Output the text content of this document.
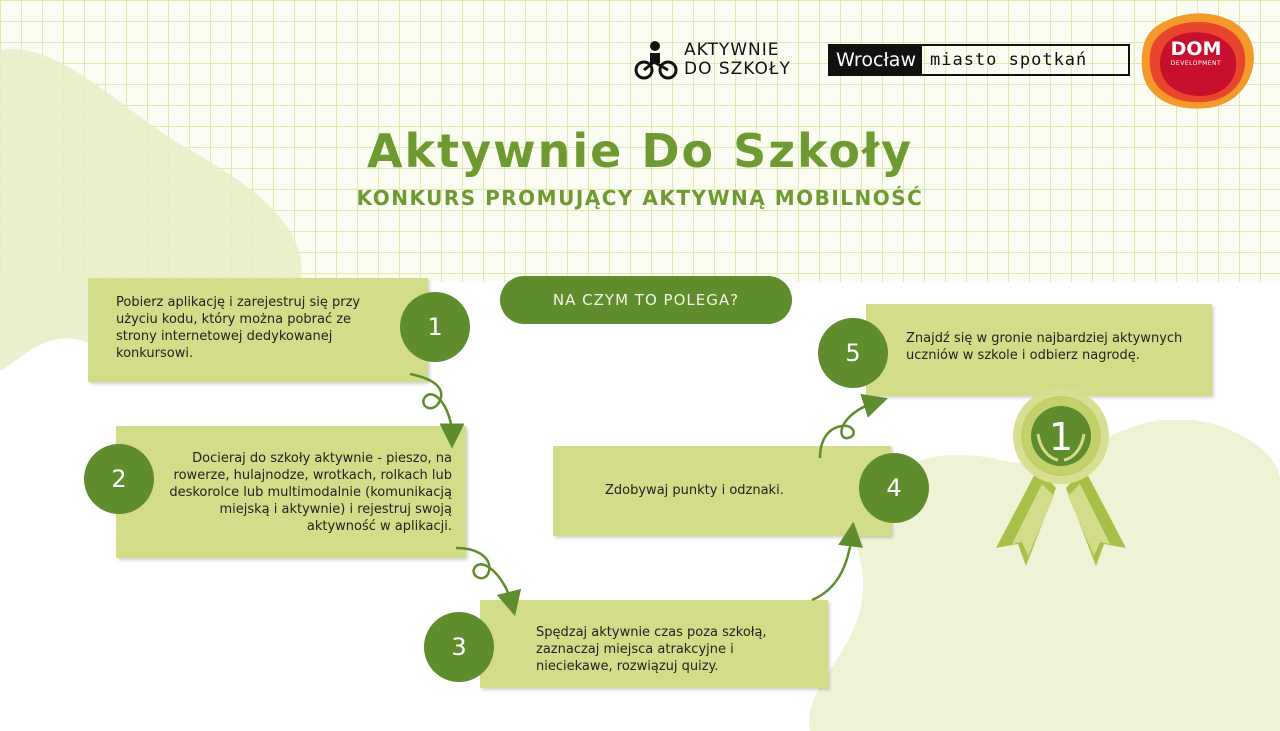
AKTYWNIE
DO SZKOŁY	Wrocław miasto spotkań	DOM
DEVELOPMENT
Aktywnie Do Szkoły
KONKURS PROMUJĄCY AKTYWNĄ MOBILNOŚĆ
NA CZYM TO POLEGA?
Pobierz aplikację i zarejestruj się przy użyciu kodu, który można pobrać ze strony internetowej dedykowanej konkursowi.
Docieraj do szkoły aktywnie - pieszo, na rowerze, hulajnodze, wrotkach, rolkach lub deskorolce lub multimodalnie (komunikacją miejską i aktywnie) i rejestruj swoją aktywność w aplikacji.
Spędzaj aktywnie czas poza szkołą, zaznaczaj miejsca atrakcyjne i nieciekawe, rozwiązuj quizy.
Zdobywaj punkty i odznaki.
Znajdź się w gronie najbardziej aktywnych uczniów w szkole i odbierz nagrodę.
1
2
3
4
5
1
